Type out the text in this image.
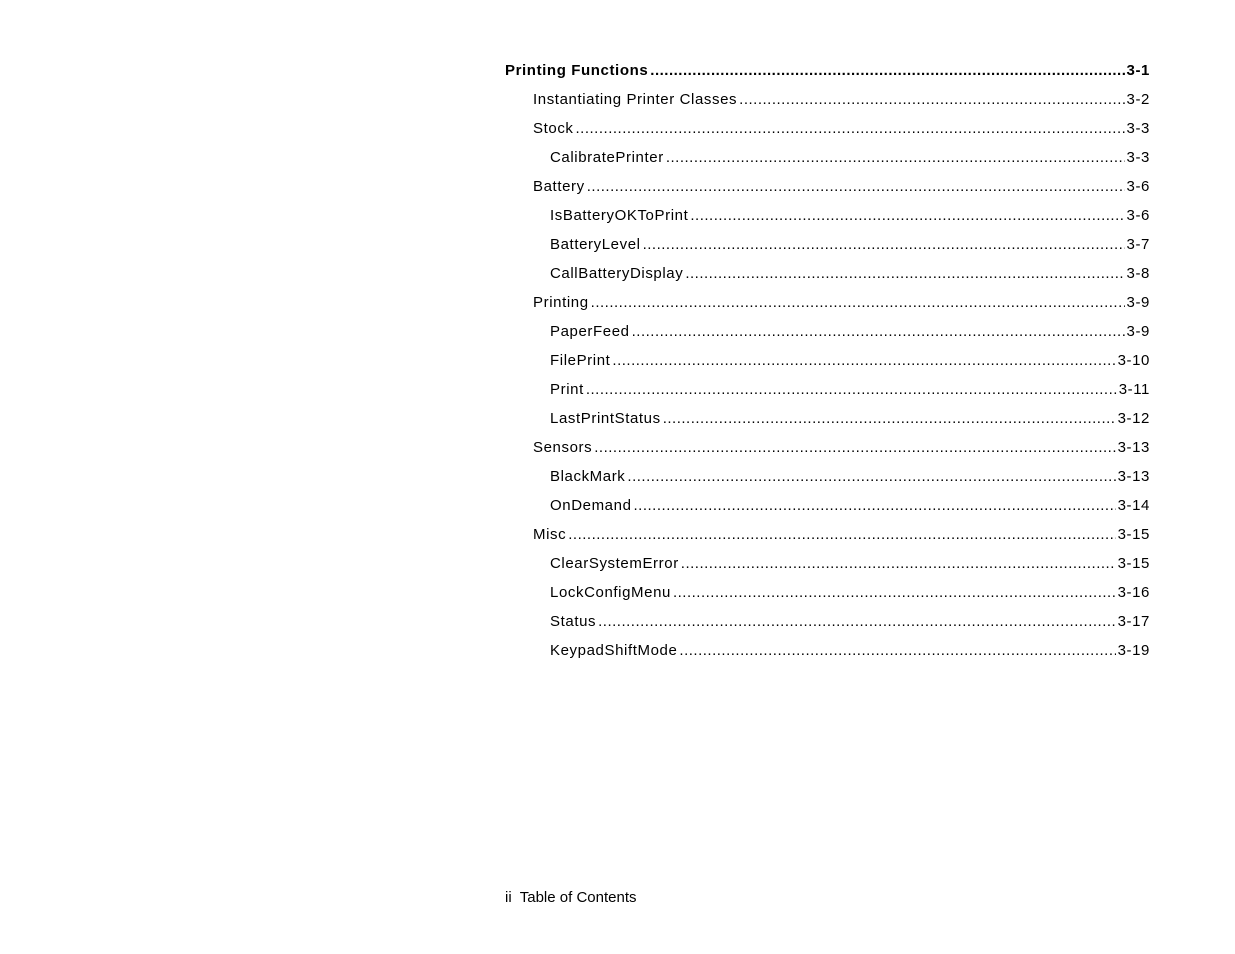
Printing Functions .....	3-1
Instantiating Printer Classes .....	3-2
Stock .....	3-3
CalibratePrinter .....	3-3
Battery .....	3-6
IsBatteryOKToPrint .....	3-6
BatteryLevel .....	3-7
CallBatteryDisplay .....	3-8
Printing .....	3-9
PaperFeed .....	3-9
FilePrint .....	3-10
Print .....	3-11
LastPrintStatus .....	3-12
Sensors .....	3-13
BlackMark .....	3-13
OnDemand .....	3-14
Misc .....	3-15
ClearSystemError .....	3-15
LockConfigMenu .....	3-16
Status .....	3-17
KeypadShiftMode .....	3-19
ii Table of Contents
